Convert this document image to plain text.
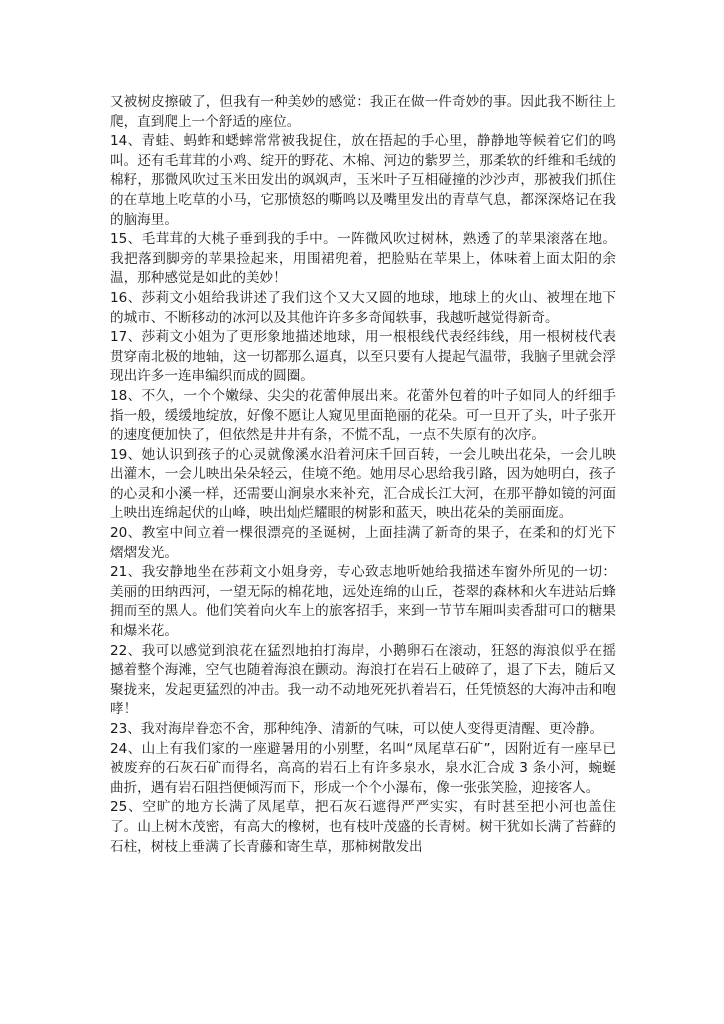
又被树皮擦破了，但我有一种美妙的感觉：我正在做一件奇妙的事。因此我不断往上爬，直到爬上一个舒适的座位。

14、青蛙、蚂蚱和蟋蟀常常被我捉住，放在捂起的手心里，静静地等候着它们的鸣叫。还有毛茸茸的小鸡、绽开的野花、木棉、河边的紫罗兰，那柔软的纤维和毛绒的棉籽，那微风吹过玉米田发出的飒飒声，玉米叶子互相碰撞的沙沙声，那被我们抓住的在草地上吃草的小马，它那愤怒的嘶鸣以及嘴里发出的青草气息，都深深烙记在我的脑海里。

15、毛茸茸的大桃子垂到我的手中。一阵微风吹过树林，熟透了的苹果滚落在地。我把落到脚旁的苹果捡起来，用围裙兜着，把脸贴在苹果上，体味着上面太阳的余温，那种感觉是如此的美妙！

16、莎莉文小姐给我讲述了我们这个又大又圆的地球，地球上的火山、被埋在地下的城市、不断移动的冰河以及其他许许多多奇闻轶事，我越听越觉得新奇。

17、莎莉文小姐为了更形象地描述地球，用一根根线代表经纬线，用一根树枝代表贯穿南北极的地轴，这一切都那么逼真，以至只要有人提起气温带，我脑子里就会浮现出许多一连串编织而成的圆圈。

18、不久，一个个嫩绿、尖尖的花蕾伸展出来。花蕾外包着的叶子如同人的纤细手指一般，缓缓地绽放，好像不愿让人窥见里面艳丽的花朵。可一旦开了头，叶子张开的速度便加快了，但依然是井井有条，不慌不乱，一点不失原有的次序。

19、她认识到孩子的心灵就像溪水沿着河床千回百转，一会儿映出花朵，一会儿映出灌木，一会儿映出朵朵轻云，佳境不绝。她用尽心思给我引路，因为她明白，孩子的心灵和小溪一样，还需要山涧泉水来补充，汇合成长江大河，在那平静如镜的河面上映出连绵起伏的山峰，映出灿烂耀眼的树影和蓝天，映出花朵的美丽面庞。

20、教室中间立着一棵很漂亮的圣诞树，上面挂满了新奇的果子，在柔和的灯光下熠熠发光。

21、我安静地坐在莎莉文小姐身旁，专心致志地听她给我描述车窗外所见的一切：美丽的田纳西河，一望无际的棉花地，远处连绵的山丘，苍翠的森林和火车进站后蜂拥而至的黑人。他们笑着向火车上的旅客招手，来到一节节车厢叫卖香甜可口的糖果和爆米花。

22、我可以感觉到浪花在猛烈地拍打海岸，小鹅卵石在滚动，狂怒的海浪似乎在摇撼着整个海滩，空气也随着海浪在颤动。海浪打在岩石上破碎了，退了下去，随后又聚拢来，发起更猛烈的冲击。我一动不动地死死扒着岩石，任凭愤怒的大海冲击和咆哮！

23、我对海岸眷恋不舍，那种纯净、清新的气味，可以使人变得更清醒、更冷静。

24、山上有我们家的一座避暑用的小别墅，名叫“凤尾草石矿”，因附近有一座早已被废弃的石灰石矿而得名，高高的岩石上有许多泉水，泉水汇合成 3 条小河，蜿蜒曲折，遇有岩石阻挡便倾泻而下，形成一个个小瀑布，像一张张笑脸，迎接客人。

25、空旷的地方长满了凤尾草，把石灰石遮得严严实实，有时甚至把小河也盖住了。山上树木茂密，有高大的橡树，也有枝叶茂盛的长青树。树干犹如长满了苔藓的石柱，树枝上垂满了长青藤和寄生草，那柿树散发出
